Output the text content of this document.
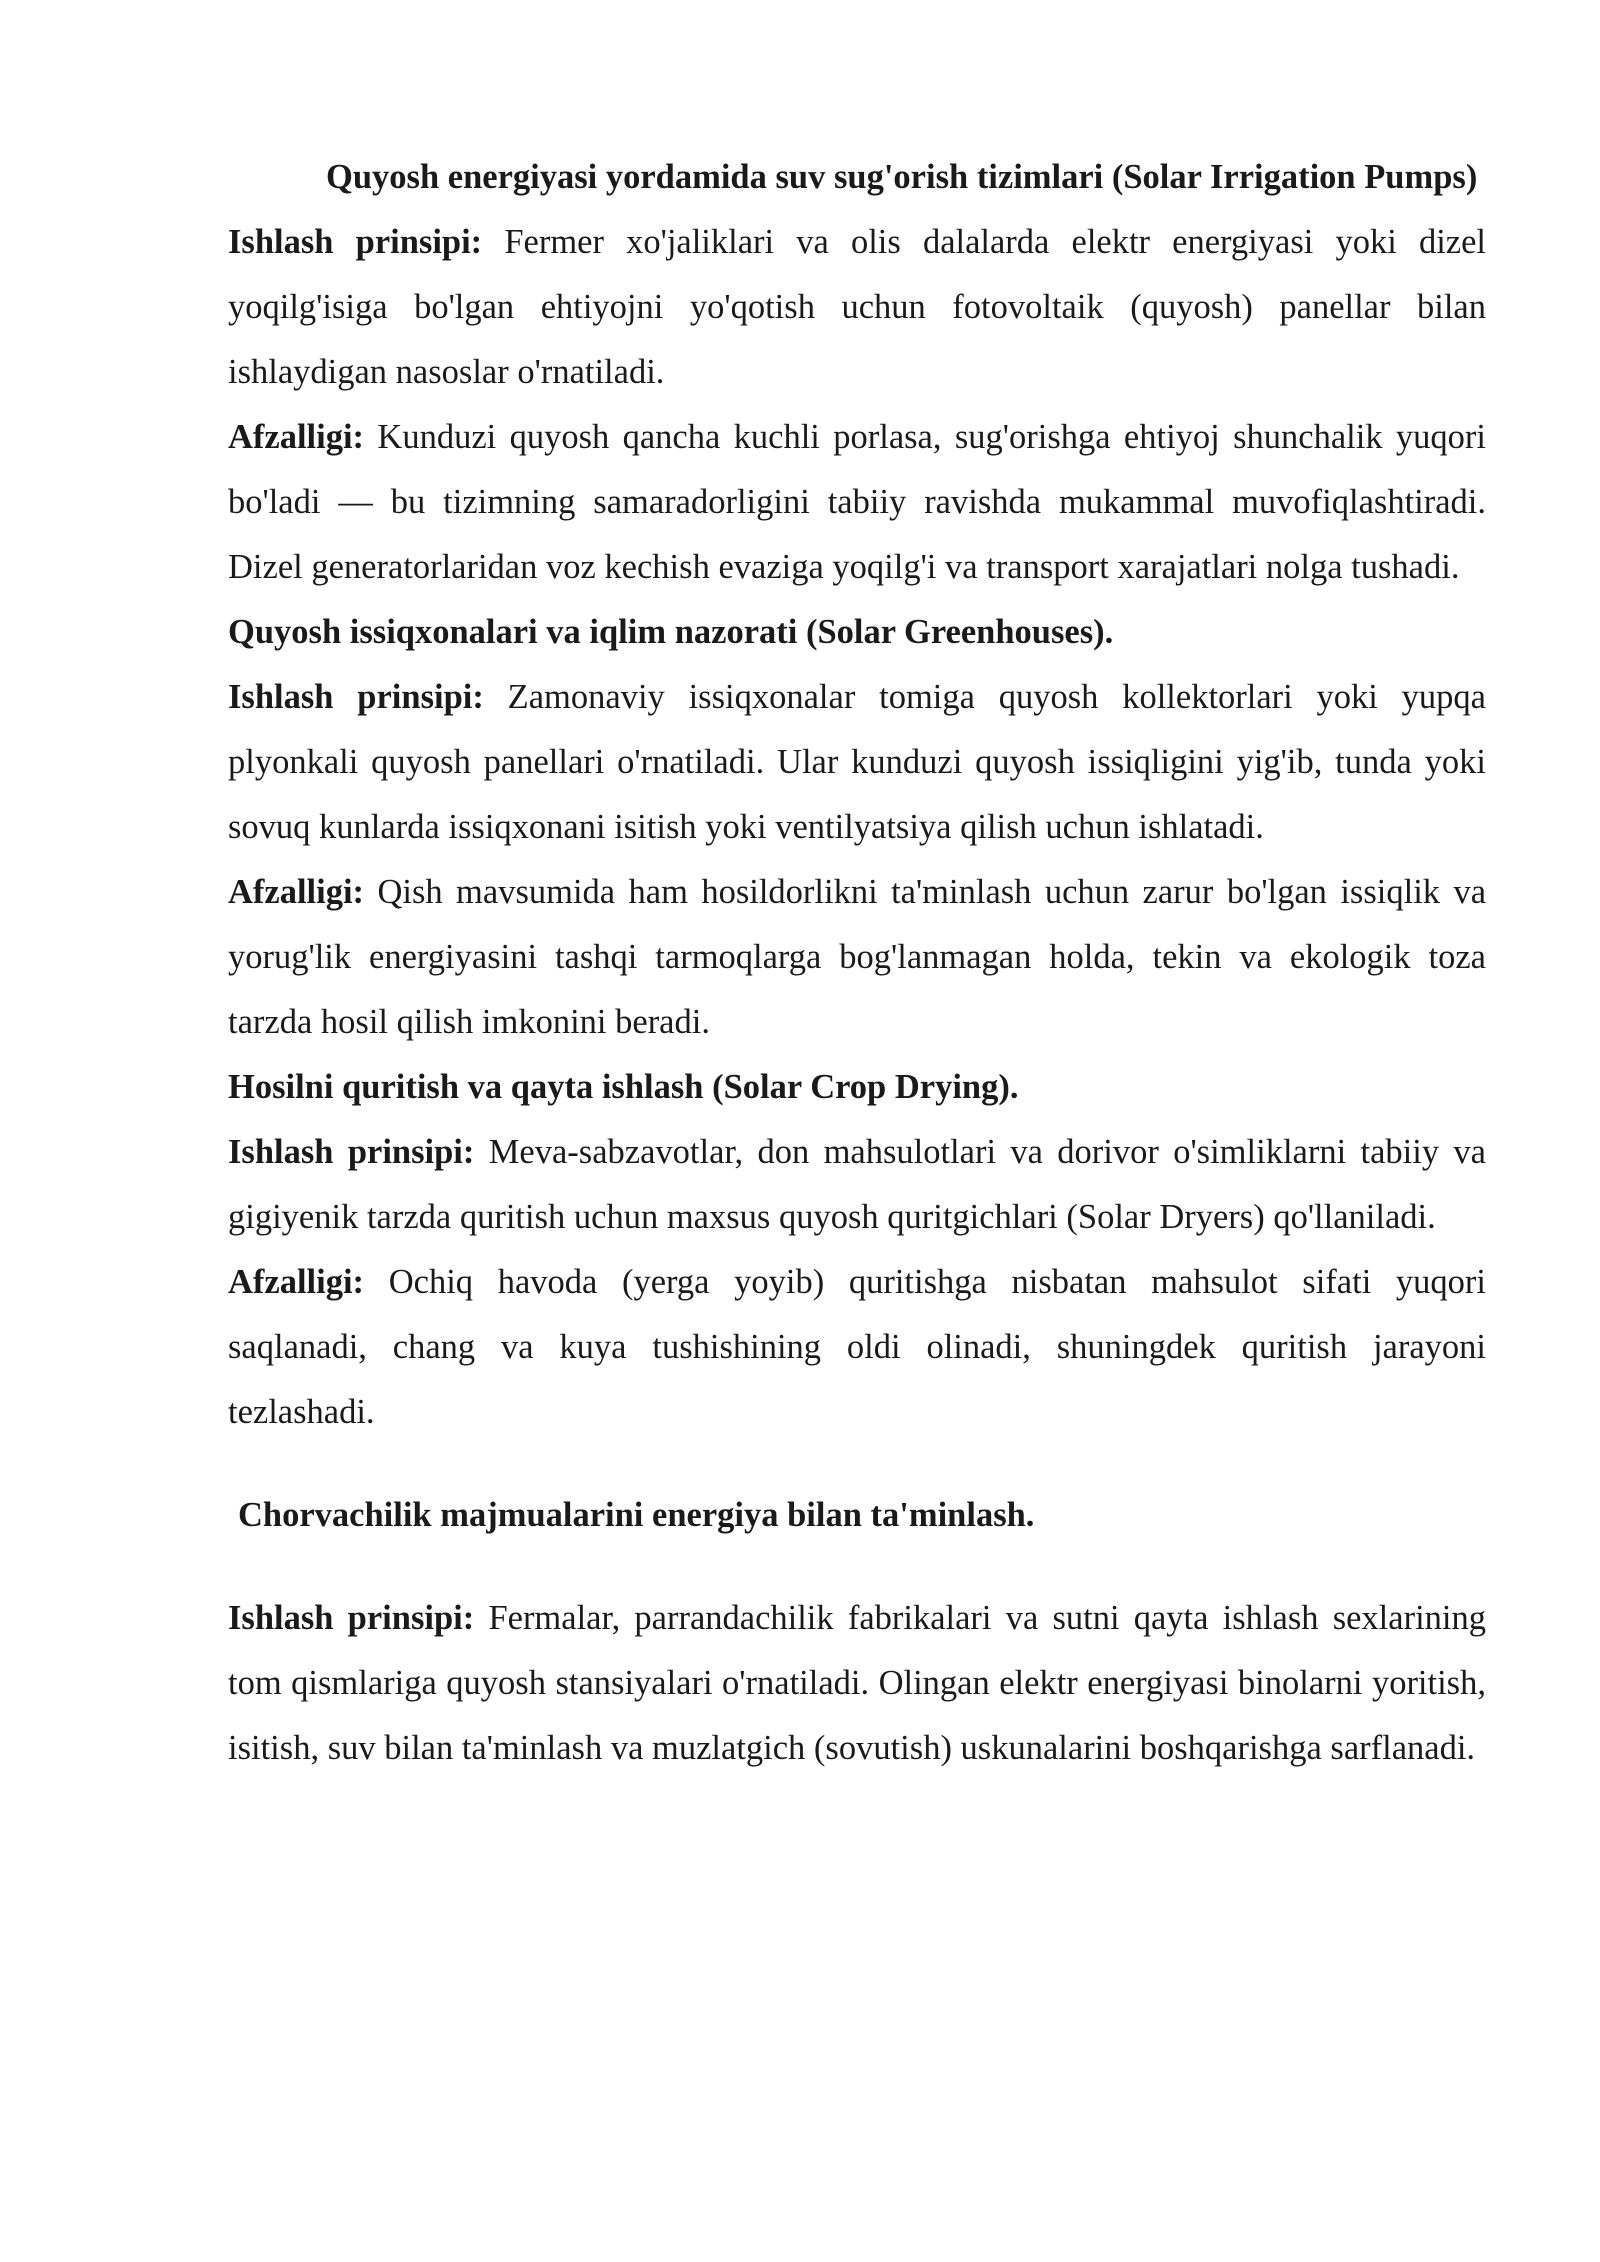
Quyosh energiyasi yordamida suv sug'orish tizimlari (Solar Irrigation Pumps)

Ishlash prinsipi: Fermer xo'jaliklari va olis dalalarda elektr energiyasi yoki dizel yoqilg'isiga bo'lgan ehtiyojni yo'qotish uchun fotovoltaik (quyosh) panellar bilan ishlaydigan nasoslar o'rnatiladi.

Afzalligi: Kunduzi quyosh qancha kuchli porlasa, sug'orishga ehtiyoj shunchalik yuqori bo'ladi — bu tizimning samaradorligini tabiiy ravishda mukammal muvofiqlashtiradi. Dizel generatorlaridan voz kechish evaziga yoqilg'i va transport xarajatlari nolga tushadi.

Quyosh issiqxonalari va iqlim nazorati (Solar Greenhouses).

Ishlash prinsipi: Zamonaviy issiqxonalar tomiga quyosh kollektorlari yoki yupqa plyonkali quyosh panellari o'rnatiladi. Ular kunduzi quyosh issiqligini yig'ib, tunda yoki sovuq kunlarda issiqxonani isitish yoki ventilyatsiya qilish uchun ishlatadi.

Afzalligi: Qish mavsumida ham hosildorlikni ta'minlash uchun zarur bo'lgan issiqlik va yorug'lik energiyasini tashqi tarmoqlarga bog'lanmagan holda, tekin va ekologik toza tarzda hosil qilish imkonini beradi.

Hosilni quritish va qayta ishlash (Solar Crop Drying).

Ishlash prinsipi: Meva-sabzavotlar, don mahsulotlari va dorivor o'simliklarni tabiiy va gigiyenik tarzda quritish uchun maxsus quyosh quritgichlari (Solar Dryers) qo'llaniladi.

Afzalligi: Ochiq havoda (yerga yoyib) quritishga nisbatan mahsulot sifati yuqori saqlanadi, chang va kuya tushishining oldi olinadi, shuningdek quritish jarayoni tezlashadi.

Chorvachilik majmualarini energiya bilan ta'minlash.

Ishlash prinsipi: Fermalar, parrandachilik fabrikalari va sutni qayta ishlash sexlarining tom qismlariga quyosh stansiyalari o'rnatiladi. Olingan elektr energiyasi binolarni yoritish, isitish, suv bilan ta'minlash va muzlatgich (sovutish) uskunalarini boshqarishga sarflanadi.
